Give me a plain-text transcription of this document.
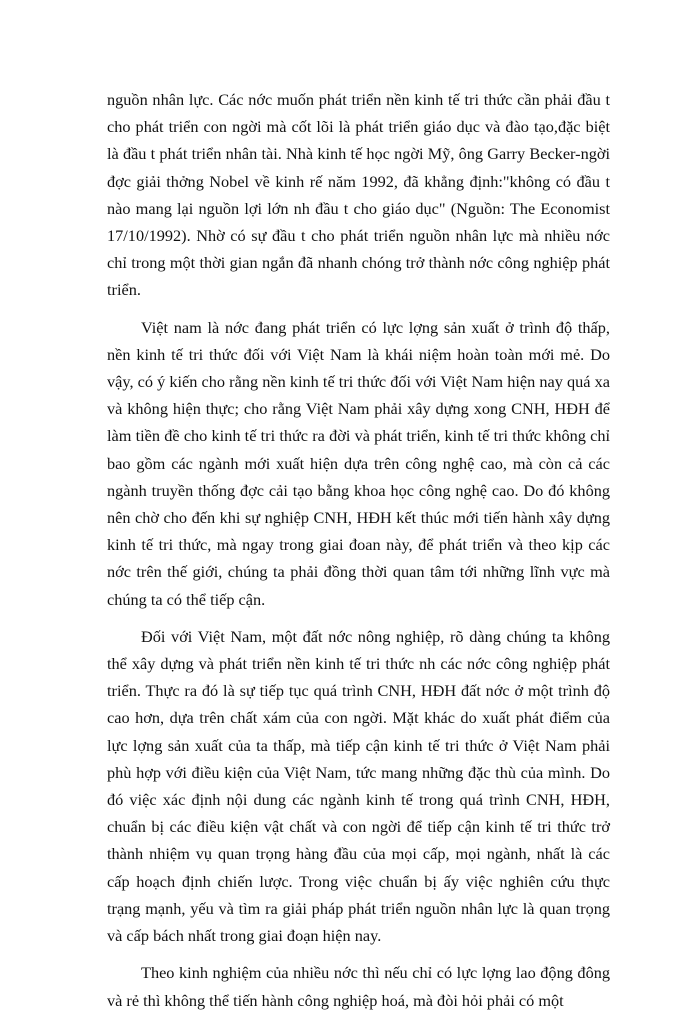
nguồn nhân lực. Các nớc muốn phát triển nền kinh tế tri thức cần phải đầu t cho phát triển con ngời mà cốt lõi là phát triển giáo dục và đào tạo,đặc biệt là đầu t phát triển nhân tài. Nhà kinh tế học ngời Mỹ, ông Garry Becker-ngời đợc giải thởng Nobel về kinh rế năm 1992, đã khẳng định:"không có đầu t nào mang lại nguồn lợi lớn nh đầu t cho giáo dục" (Nguồn: The Economist 17/10/1992). Nhờ có sự đầu t cho phát triển nguồn nhân lực mà nhiều nớc chỉ trong một thời gian ngắn đã nhanh chóng trở thành nớc công nghiệp phát triển.

Việt nam là nớc đang phát triển có lực lợng sản xuất ở trình độ thấp, nền kinh tế tri thức đối với Việt Nam là khái niệm hoàn toàn mới mẻ. Do vậy, có ý kiến cho rằng nền kinh tế tri thức đối với Việt Nam hiện nay quá xa và không hiện thực; cho rằng Việt Nam phải xây dựng xong CNH, HĐH để làm tiền đề cho kinh tế tri thức ra đời và phát triển, kinh tế tri thức không chỉ bao gồm các ngành mới xuất hiện dựa trên công nghệ cao, mà còn cả các ngành truyền thống đợc cải tạo bằng khoa học công nghệ cao. Do đó không nên chờ cho đến khi sự nghiệp CNH, HĐH kết thúc mới tiến hành xây dựng kinh tế tri thức, mà ngay trong giai đoan này, để phát triển và theo kịp các nớc trên thế giới, chúng ta phải đồng thời quan tâm tới những lĩnh vực mà chúng ta có thể tiếp cận.

Đối với Việt Nam, một đất nớc nông nghiệp, rõ dàng chúng ta không thể xây dựng và phát triển nền kinh tế tri thức nh các nớc công nghiệp phát triển. Thực ra đó là sự tiếp tục quá trình CNH, HĐH đất nớc ở một trình độ cao hơn, dựa trên chất xám của con ngời. Mặt khác do xuất phát điểm của lực lợng sản xuất của ta thấp, mà tiếp cận kinh tế tri thức ở Việt Nam phải phù hợp với điều kiện của Việt Nam, tức mang những đặc thù của mình. Do đó việc xác định nội dung các ngành kinh tế trong quá trình CNH, HĐH, chuẩn bị các điều kiện vật chất và con ngời để tiếp cận kinh tế tri thức trở thành nhiệm vụ quan trọng hàng đầu của mọi cấp, mọi ngành, nhất là các cấp hoạch định chiến lược. Trong việc chuẩn bị ấy việc nghiên cứu thực trạng mạnh, yếu và tìm ra giải pháp phát triển nguồn nhân lực là quan trọng và cấp bách nhất trong giai đoạn hiện nay.

Theo kinh nghiệm của nhiều nớc thì nếu chỉ có lực lợng lao động đông và rẻ thì không thể tiến hành công nghiệp hoá, mà đòi hỏi phải có một
